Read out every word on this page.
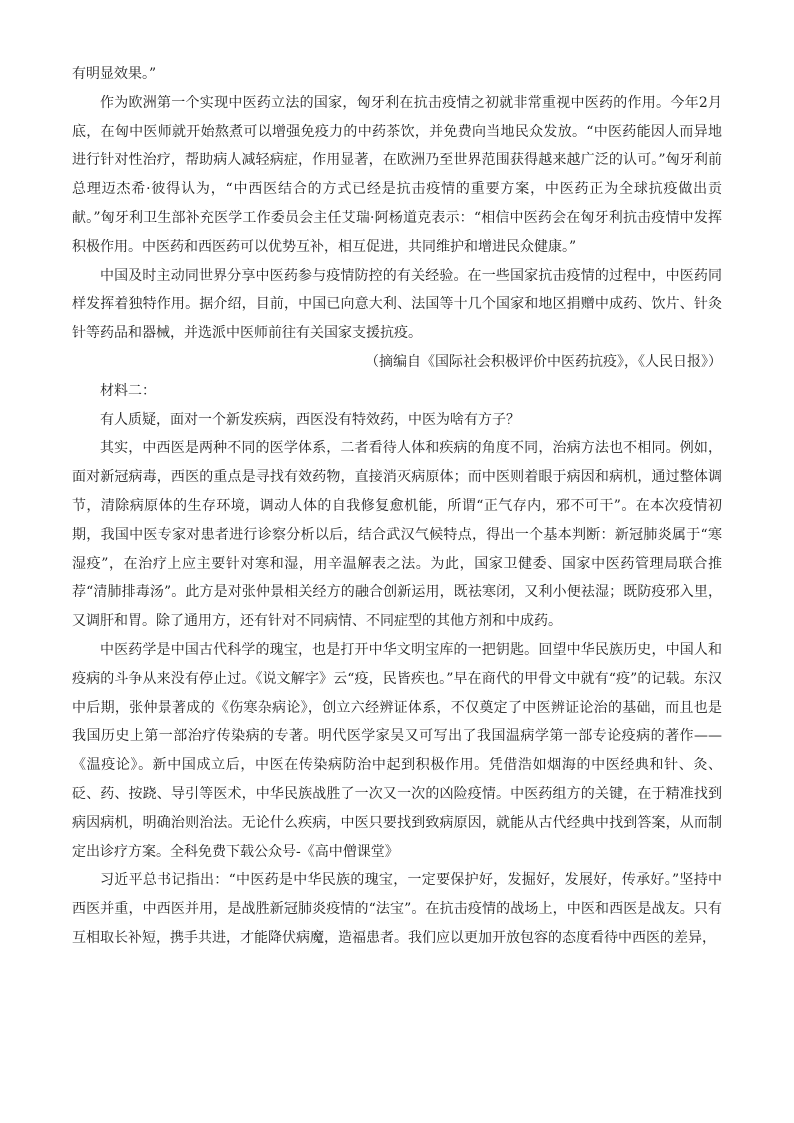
有明显效果。”

作为欧洲第一个实现中医药立法的国家，匈牙利在抗击疫情之初就非常重视中医药的作用。今年2月底，在匈中医师就开始熬煮可以增强免疫力的中药茶饮，并免费向当地民众发放。“中医药能因人而异地进行针对性治疗，帮助病人减轻病症，作用显著，在欧洲乃至世界范围获得越来越广泛的认可。”匈牙利前总理迈杰希·彼得认为，“中西医结合的方式已经是抗击疫情的重要方案，中医药正为全球抗疫做出贡献。”匈牙利卫生部补充医学工作委员会主任艾瑞·阿杨道克表示：“相信中医药会在匈牙利抗击疫情中发挥积极作用。中医药和西医药可以优势互补，相互促进，共同维护和增进民众健康。”

中国及时主动同世界分享中医药参与疫情防控的有关经验。在一些国家抗击疫情的过程中，中医药同样发挥着独特作用。据介绍，目前，中国已向意大利、法国等十几个国家和地区捐赠中成药、饮片、针灸针等药品和器械，并选派中医师前往有关国家支援抗疫。

（摘编自《国际社会积极评价中医药抗疫》，《人民日报》）

材料二：

有人质疑，面对一个新发疾病，西医没有特效药，中医为啥有方子？

其实，中西医是两种不同的医学体系，二者看待人体和疾病的角度不同，治病方法也不相同。例如，面对新冠病毒，西医的重点是寻找有效药物，直接消灭病原体；而中医则着眼于病因和病机，通过整体调节，清除病原体的生存环境，调动人体的自我修复愈机能，所谓“正气存内，邪不可干”。在本次疫情初期，我国中医专家对患者进行诊察分析以后，结合武汉气候特点，得出一个基本判断：新冠肺炎属于“寒湿疫”，在治疗上应主要针对寒和湿，用辛温解表之法。为此，国家卫健委、国家中医药管理局联合推荐“清肺排毒汤”。此方是对张仲景相关经方的融合创新运用，既祛寒闭，又利小便祛湿；既防疫邪入里，又调肝和胃。除了通用方，还有针对不同病情、不同症型的其他方剂和中成药。

中医药学是中国古代科学的瑰宝，也是打开中华文明宝库的一把钥匙。回望中华民族历史，中国人和疫病的斗争从来没有停止过。《说文解字》云“疫，民皆疾也。”早在商代的甲骨文中就有“疫”的记载。东汉中后期，张仲景著成的《伤寒杂病论》，创立六经辨证体系，不仅奠定了中医辨证论治的基础，而且也是我国历史上第一部治疗传染病的专著。明代医学家吴又可写出了我国温病学第一部专论疫病的著作——《温疫论》。新中国成立后，中医在传染病防治中起到积极作用。凭借浩如烟海的中医经典和针、灸、砭、药、按跷、导引等医术，中华民族战胜了一次又一次的凶险疫情。中医药组方的关键，在于精准找到病因病机，明确治则治法。无论什么疾病，中医只要找到致病原因，就能从古代经典中找到答案，从而制定出诊疗方案。全科免费下载公众号-《高中僧课堂》

习近平总书记指出：“中医药是中华民族的瑰宝，一定要保护好，发掘好，发展好，传承好。”坚持中西医并重，中西医并用，是战胜新冠肺炎疫情的“法宝”。在抗击疫情的战场上，中医和西医是战友。只有互相取长补短，携手共进，才能降伏病魔，造福患者。我们应以更加开放包容的态度看待中西医的差异，
